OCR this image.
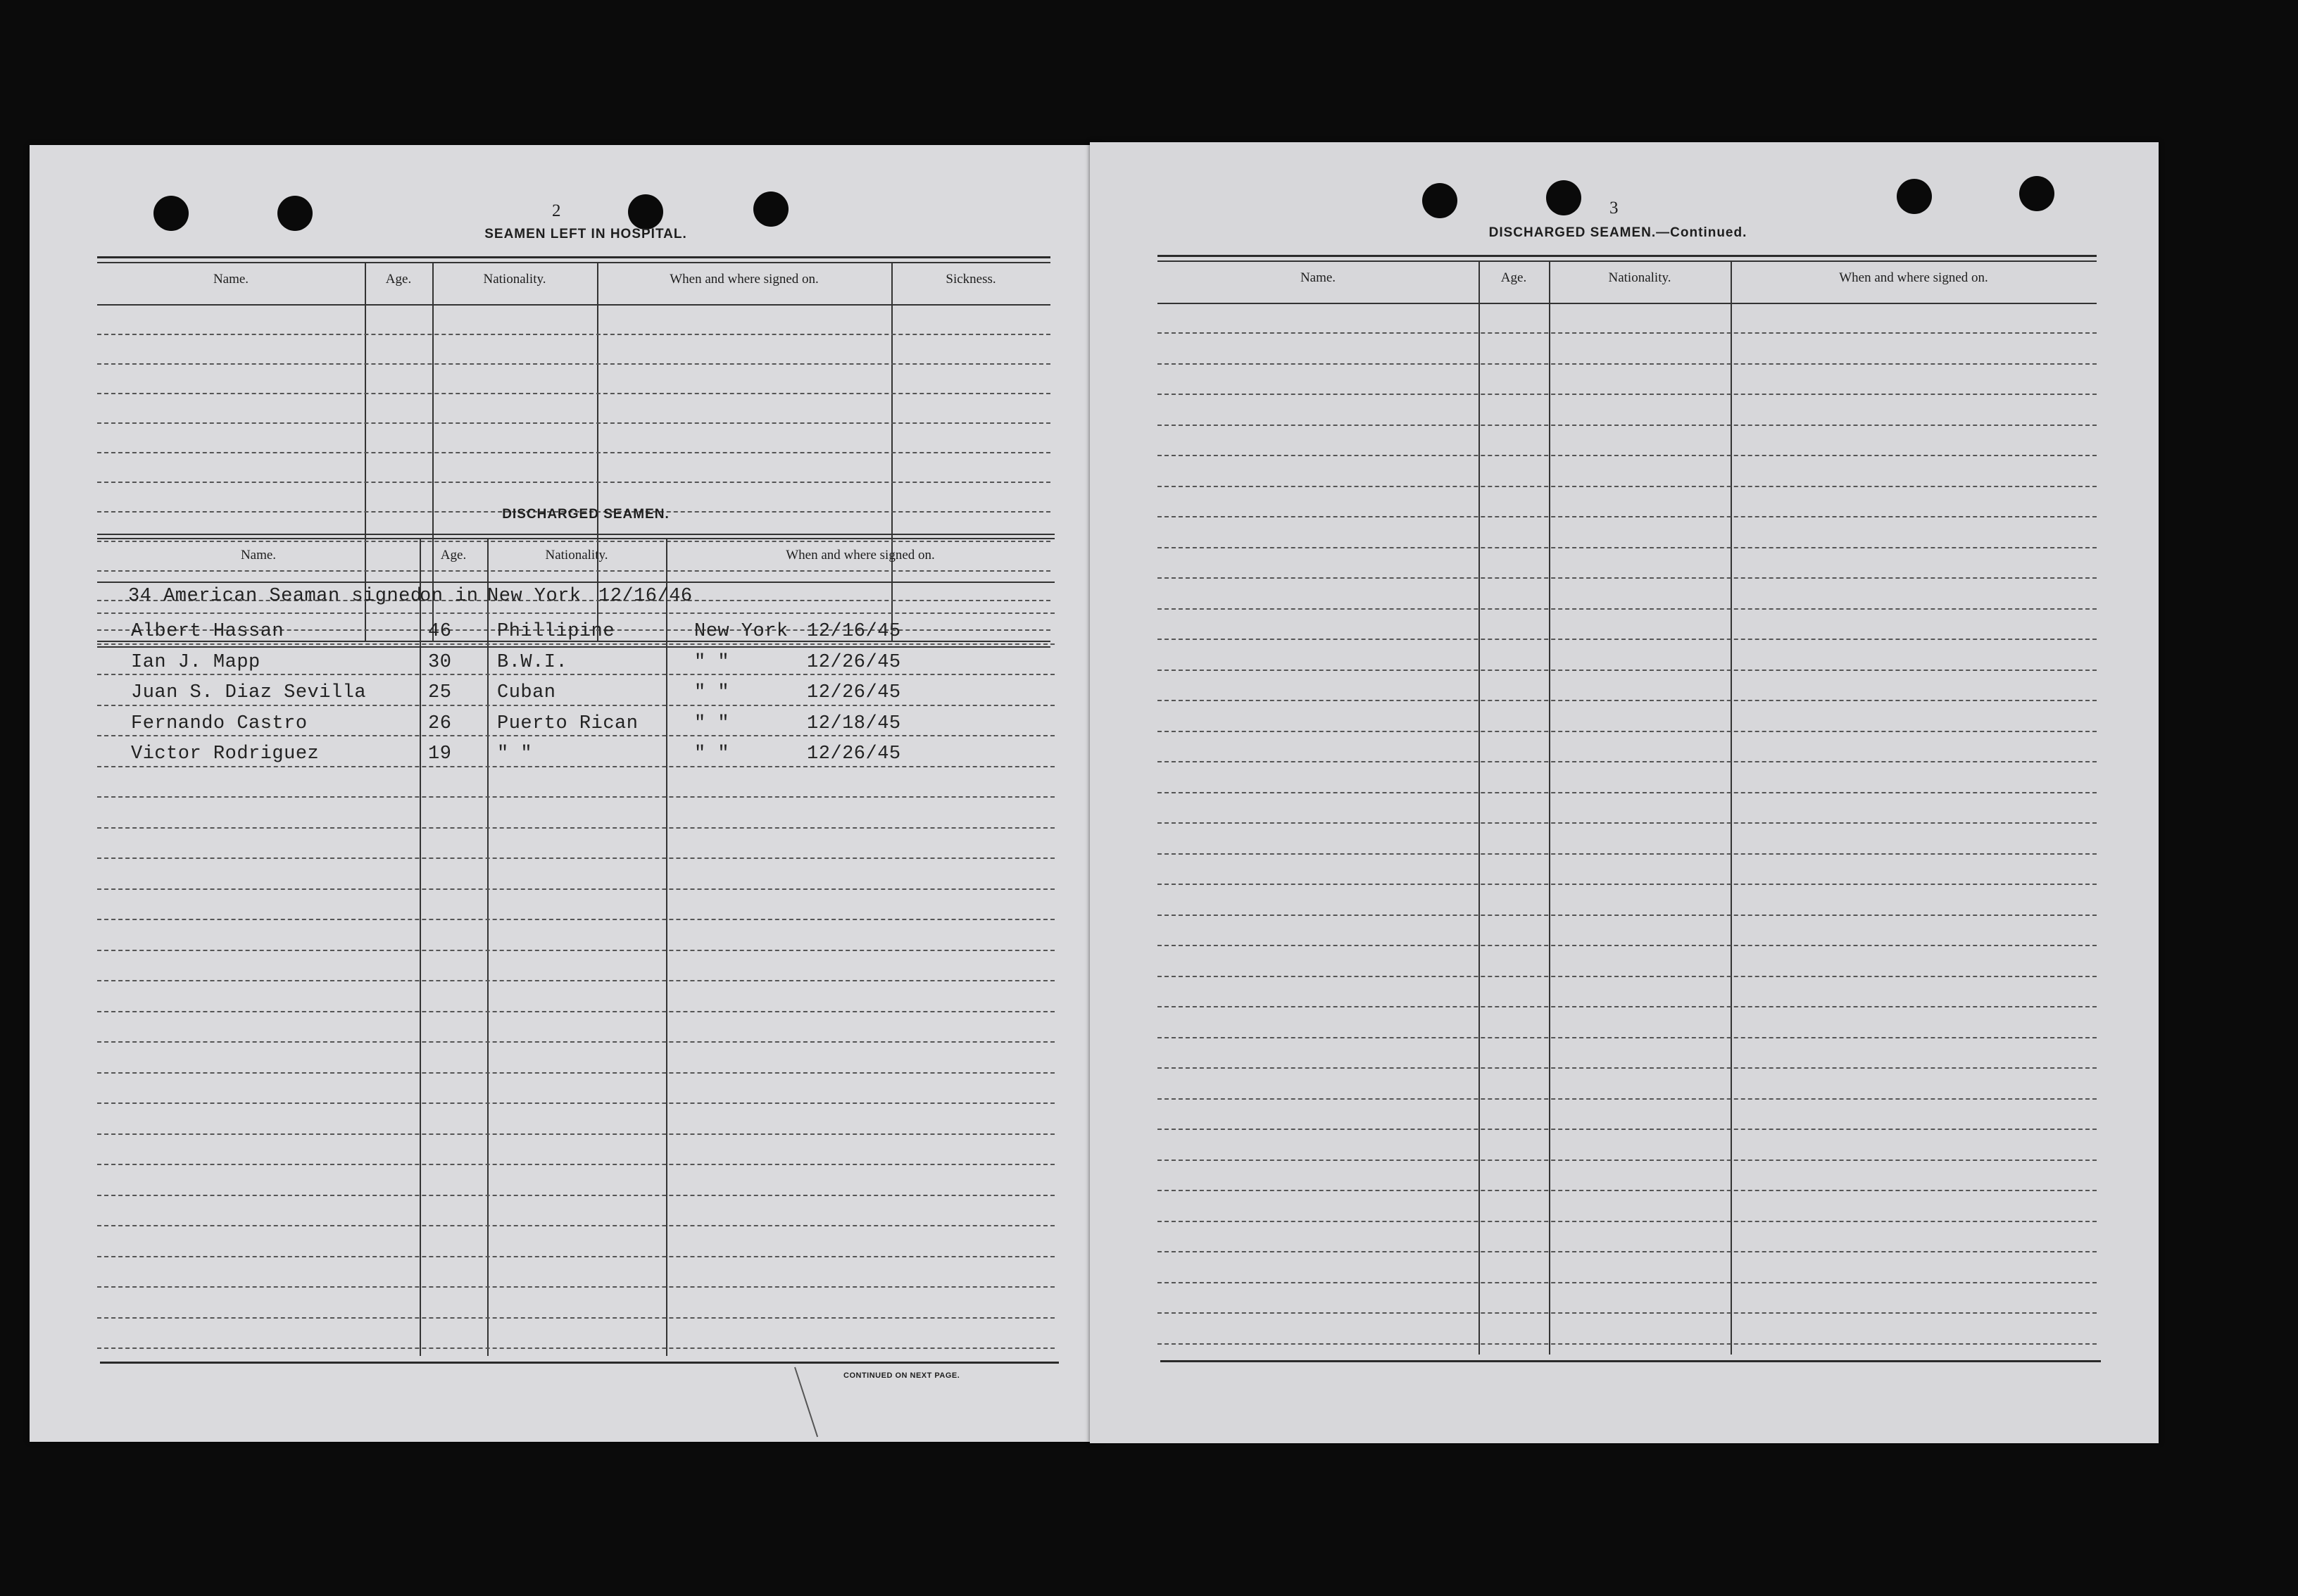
2
SEAMEN LEFT IN HOSPITAL.
Name.	Age.	Nationality.	When and where signed on.	Sickness.
DISCHARGED SEAMEN.
Name.	Age.	Nationality.	When and where signed on.
34 American Seaman signed
on in New York 12/16/46
Albert Hassan	46 Phillipine	New York 12/16/45
Ian J. Mapp	30 B.W.I.	" "	12/26/45
Juan S. Diaz Sevilla	25 Cuban	" "	12/26/45
Fernando Castro	26 Puerto Rican	" "	12/18/45
Victor Rodriguez	19 " "	" "	12/26/45
CONTINUED ON NEXT PAGE.
3
DISCHARGED SEAMEN.—Continued.
Name.	Age.	Nationality.	When and where signed on.
